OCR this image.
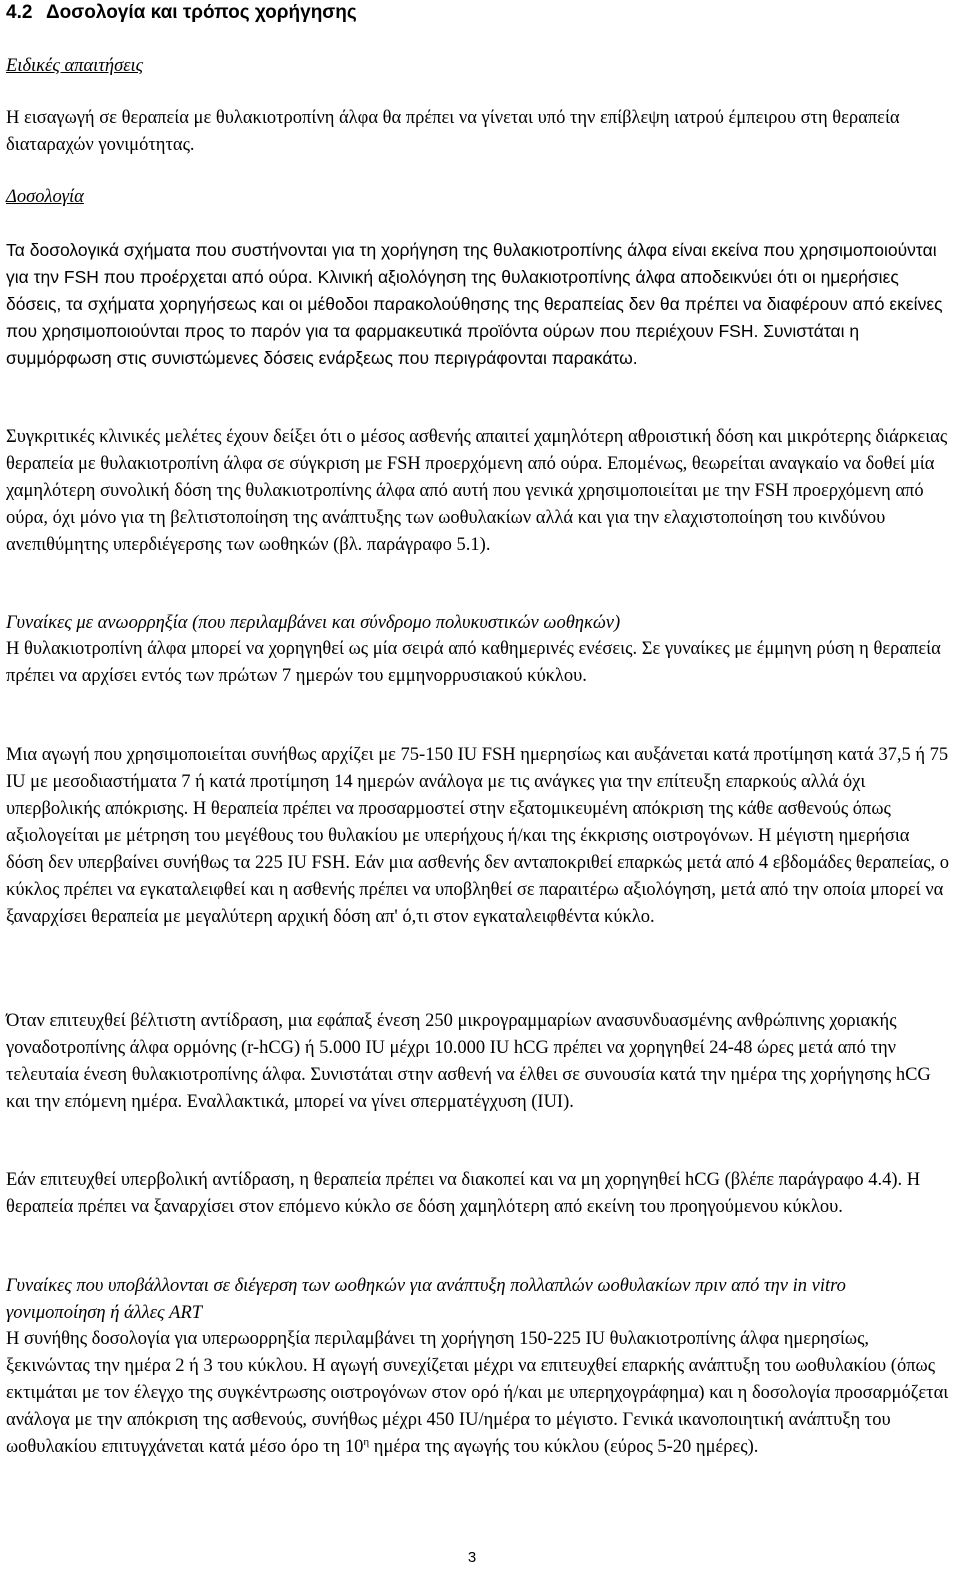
4.2 Δοσολογία και τρόπος χορήγησης

Ειδικές απαιτήσεις

Η εισαγωγή σε θεραπεία με θυλακιοτροπίνη άλφα θα πρέπει να γίνεται υπό την επίβλεψη ιατρού έμπειρου στη θεραπεία διαταραχών γονιμότητας.

Δοσολογία

Τα δοσολογικά σχήματα που συστήνονται για τη χορήγηση της θυλακιοτροπίνης άλφα είναι εκείνα που χρησιμοποιούνται για την FSH που προέρχεται από ούρα. Κλινική αξιολόγηση της θυλακιοτροπίνης άλφα αποδεικνύει ότι οι ημερήσιες δόσεις, τα σχήματα χορηγήσεως και οι μέθοδοι παρακολούθησης της θεραπείας δεν θα πρέπει να διαφέρουν από εκείνες που χρησιμοποιούνται προς το παρόν για τα φαρμακευτικά προϊόντα ούρων που περιέχουν FSH. Συνιστάται η συμμόρφωση στις συνιστώμενες δόσεις ενάρξεως που περιγράφονται παρακάτω.

Συγκριτικές κλινικές μελέτες έχουν δείξει ότι ο μέσος ασθενής απαιτεί χαμηλότερη αθροιστική δόση και μικρότερης διάρκειας θεραπεία με θυλακιοτροπίνη άλφα σε σύγκριση με FSH προερχόμενη από ούρα. Επομένως, θεωρείται αναγκαίο να δοθεί μία χαμηλότερη συνολική δόση της θυλακιοτροπίνης άλφα από αυτή που γενικά χρησιμοποιείται με την FSH προερχόμενη από ούρα, όχι μόνο για τη βελτιστοποίηση της ανάπτυξης των ωοθυλακίων αλλά και για την ελαχιστοποίηση του κινδύνου ανεπιθύμητης υπερδιέγερσης των ωοθηκών (βλ. παράγραφο 5.1).

Γυναίκες με ανωορρηξία (που περιλαμβάνει και σύνδρομο πολυκυστικών ωοθηκών)

Η θυλακιοτροπίνη άλφα μπορεί να χορηγηθεί ως μία σειρά από καθημερινές ενέσεις. Σε γυναίκες με έμμηνη ρύση η θεραπεία πρέπει να αρχίσει εντός των πρώτων 7 ημερών του εμμηνορρυσιακού κύκλου.

Μια αγωγή που χρησιμοποιείται συνήθως αρχίζει με 75-150 IU FSH ημερησίως και αυξάνεται κατά προτίμηση κατά 37,5 ή 75 IU με μεσοδιαστήματα 7 ή κατά προτίμηση 14 ημερών ανάλογα με τις ανάγκες για την επίτευξη επαρκούς αλλά όχι υπερβολικής απόκρισης. Η θεραπεία πρέπει να προσαρμοστεί στην εξατομικευμένη απόκριση της κάθε ασθενούς όπως αξιολογείται με μέτρηση του μεγέθους του θυλακίου με υπερήχους ή/και της έκκρισης οιστρογόνων. Η μέγιστη ημερήσια δόση δεν υπερβαίνει συνήθως τα 225 IU FSH. Εάν μια ασθενής δεν ανταποκριθεί επαρκώς μετά από 4 εβδομάδες θεραπείας, ο κύκλος πρέπει να εγκαταλειφθεί και η ασθενής πρέπει να υποβληθεί σε παραιτέρω αξιολόγηση, μετά από την οποία μπορεί να ξαναρχίσει θεραπεία με μεγαλύτερη αρχική δόση απ' ό,τι στον εγκαταλειφθέντα κύκλο.

Όταν επιτευχθεί βέλτιστη αντίδραση, μια εφάπαξ ένεση 250 μικρογραμμαρίων ανασυνδυασμένης ανθρώπινης χοριακής γοναδοτροπίνης άλφα ορμόνης (r-hCG) ή 5.000 IU μέχρι 10.000 IU hCG πρέπει να χορηγηθεί 24-48 ώρες μετά από την τελευταία ένεση θυλακιοτροπίνης άλφα. Συνιστάται στην ασθενή να έλθει σε συνουσία κατά την ημέρα της χορήγησης hCG και την επόμενη ημέρα. Εναλλακτικά, μπορεί να γίνει σπερματέγχυση (IUI).

Εάν επιτευχθεί υπερβολική αντίδραση, η θεραπεία πρέπει να διακοπεί και να μη χορηγηθεί hCG (βλέπε παράγραφο 4.4). Η θεραπεία πρέπει να ξαναρχίσει στον επόμενο κύκλο σε δόση χαμηλότερη από εκείνη του προηγούμενου κύκλου.

Γυναίκες που υποβάλλονται σε διέγερση των ωοθηκών για ανάπτυξη πολλαπλών ωοθυλακίων πριν από την in vitro γονιμοποίηση ή άλλες ART

Η συνήθης δοσολογία για υπερωορρηξία περιλαμβάνει τη χορήγηση 150-225 IU θυλακιοτροπίνης άλφα ημερησίως, ξεκινώντας την ημέρα 2 ή 3 του κύκλου. Η αγωγή συνεχίζεται μέχρι να επιτευχθεί επαρκής ανάπτυξη του ωοθυλακίου (όπως εκτιμάται με τον έλεγχο της συγκέντρωσης οιστρογόνων στον ορό ή/και με υπερηχογράφημα) και η δοσολογία προσαρμόζεται ανάλογα με την απόκριση της ασθενούς, συνήθως μέχρι 450 IU/ημέρα το μέγιστο. Γενικά ικανοποιητική ανάπτυξη του ωοθυλακίου επιτυγχάνεται κατά μέσο όρο τη $10^\eta$ ημέρα της αγωγής του κύκλου (εύρος 5-20 ημέρες).

3
